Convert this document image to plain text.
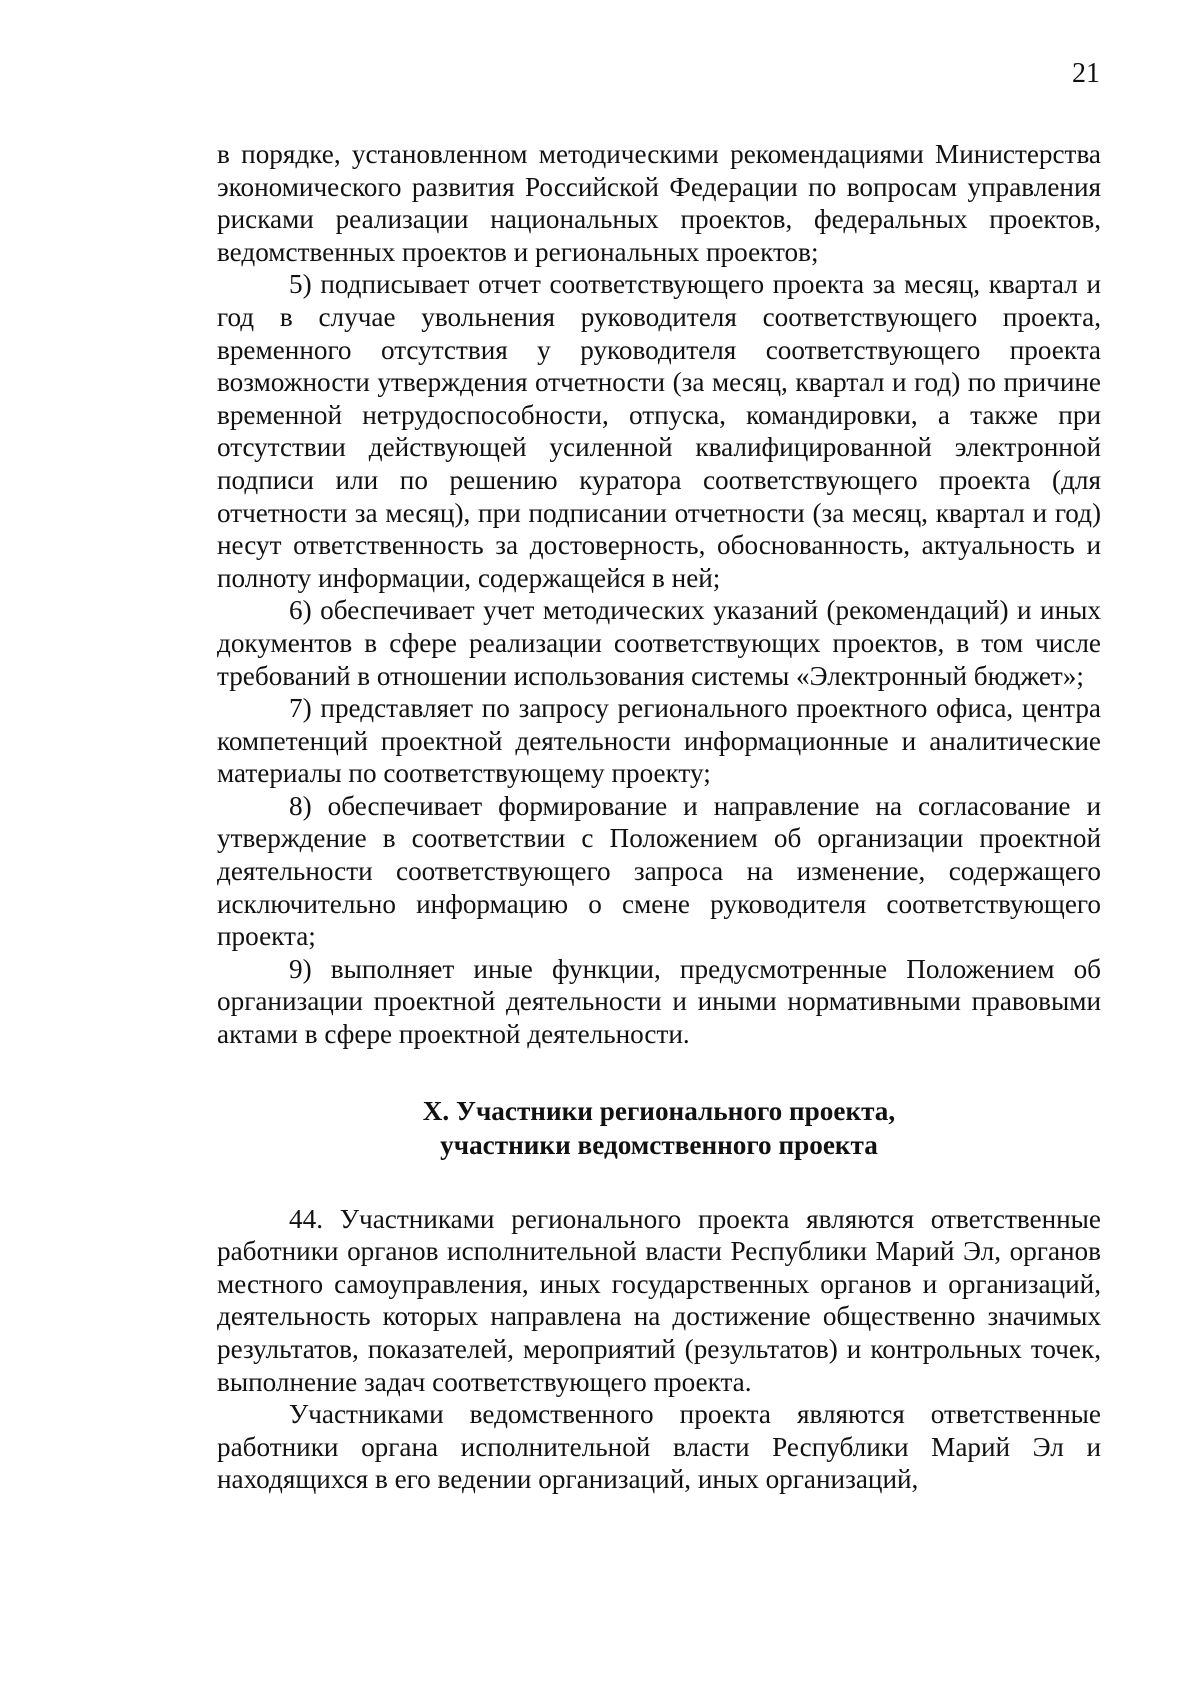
21

в порядке, установленном методическими рекомендациями Министерства экономического развития Российской Федерации по вопросам управления рисками реализации национальных проектов, федеральных проектов, ведомственных проектов и региональных проектов;

5) подписывает отчет соответствующего проекта за месяц, квартал и год в случае увольнения руководителя соответствующего проекта, временного отсутствия у руководителя соответствующего проекта возможности утверждения отчетности (за месяц, квартал и год) по причине временной нетрудоспособности, отпуска, командировки, а также при отсутствии действующей усиленной квалифицированной электронной подписи или по решению куратора соответствующего проекта (для отчетности за месяц), при подписании отчетности (за месяц, квартал и год) несут ответственность за достоверность, обоснованность, актуальность и полноту информации, содержащейся в ней;

6) обеспечивает учет методических указаний (рекомендаций) и иных документов в сфере реализации соответствующих проектов, в том числе требований в отношении использования системы «Электронный бюджет»;

7) представляет по запросу регионального проектного офиса, центра компетенций проектной деятельности информационные и аналитические материалы по соответствующему проекту;

8) обеспечивает формирование и направление на согласование и утверждение в соответствии с Положением об организации проектной деятельности соответствующего запроса на изменение, содержащего исключительно информацию о смене руководителя соответствующего проекта;

9) выполняет иные функции, предусмотренные Положением об организации проектной деятельности и иными нормативными правовыми актами в сфере проектной деятельности.

X. Участники регионального проекта,
участники ведомственного проекта

44. Участниками регионального проекта являются ответственные работники органов исполнительной власти Республики Марий Эл, органов местного самоуправления, иных государственных органов и организаций, деятельность которых направлена на достижение общественно значимых результатов, показателей, мероприятий (результатов) и контрольных точек, выполнение задач соответствующего проекта.

Участниками ведомственного проекта являются ответственные работники органа исполнительной власти Республики Марий Эл и находящихся в его ведении организаций, иных организаций,
